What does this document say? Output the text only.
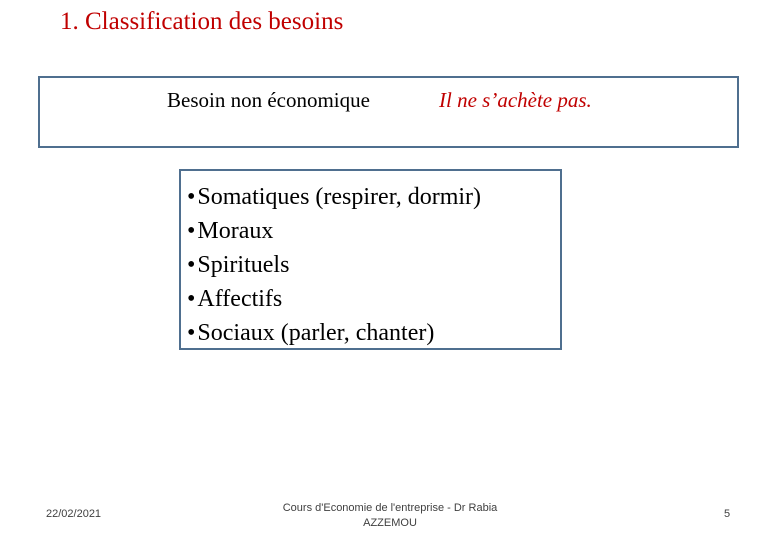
1. Classification des besoins
Besoin non économique	Il ne s’achète pas.
•Somatiques (respirer, dormir)
•Moraux
•Spirituels
•Affectifs
•Sociaux (parler, chanter)
22/02/2021	Cours d'Economie de l'entreprise - Dr Rabia
AZZEMOU
5
